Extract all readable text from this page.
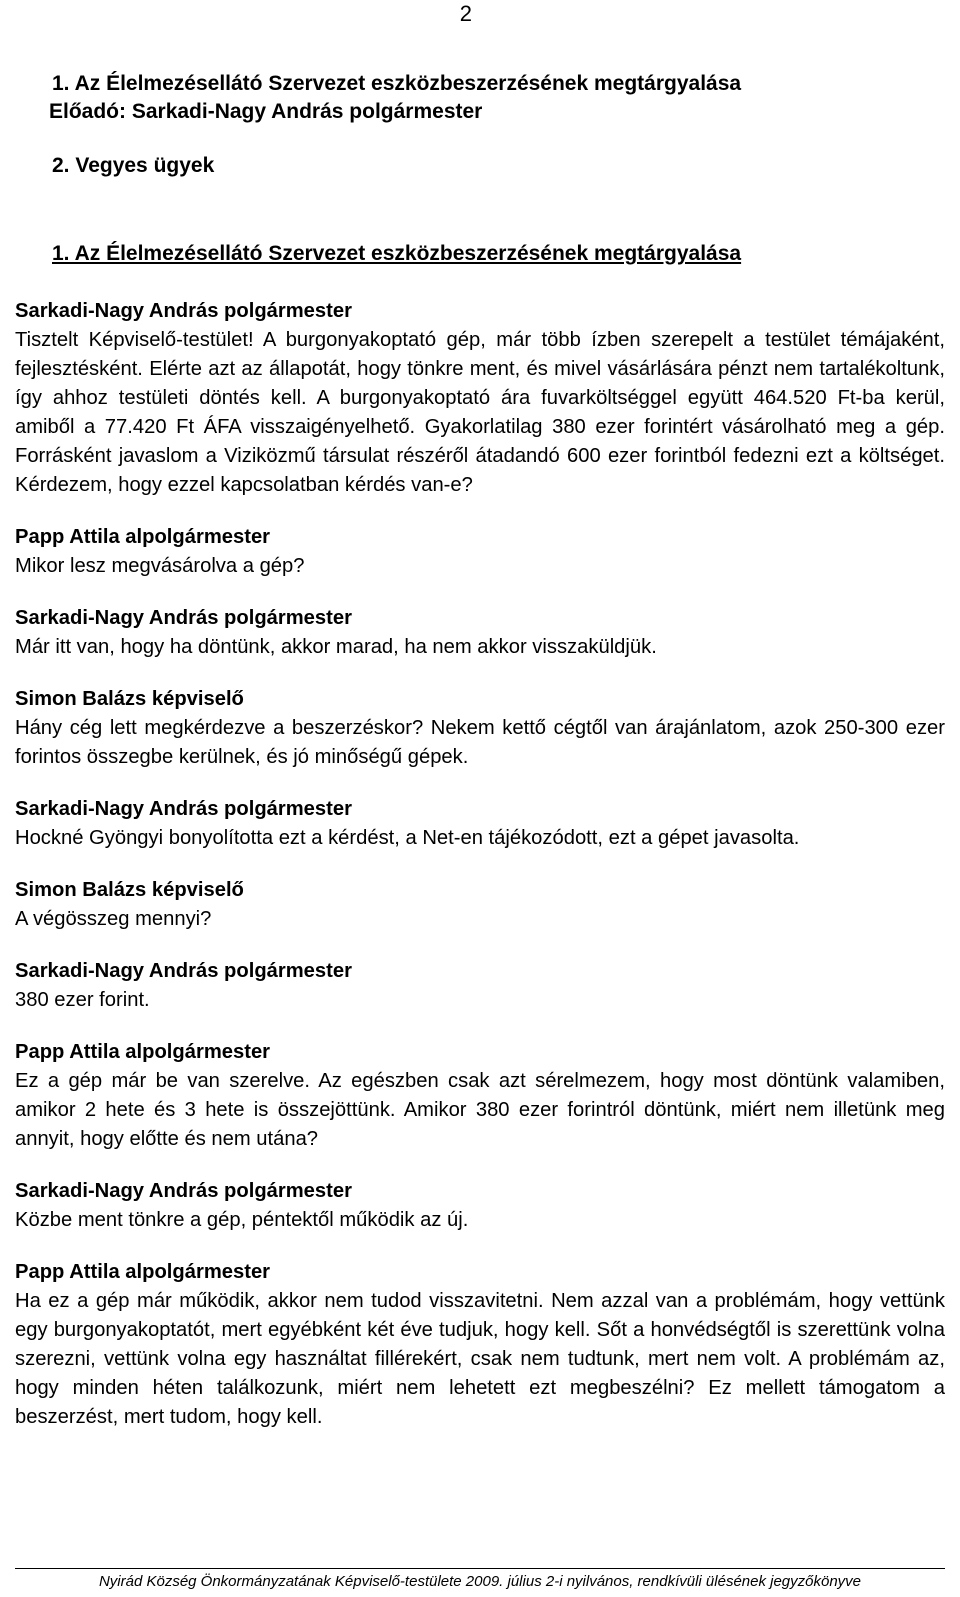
2
1. Az Élelmezésellátó Szervezet eszközbeszerzésének megtárgyalása
Előadó: Sarkadi-Nagy András polgármester
2. Vegyes ügyek
1. Az Élelmezésellátó Szervezet eszközbeszerzésének megtárgyalása
Sarkadi-Nagy András polgármester
Tisztelt Képviselő-testület! A burgonyakoptató gép, már több ízben szerepelt a testület témájaként, fejlesztésként. Elérte azt az állapotát, hogy tönkre ment, és mivel vásárlására pénzt nem tartalékoltunk, így ahhoz testületi döntés kell. A burgonyakoptató ára fuvarköltséggel együtt 464.520 Ft-ba kerül, amiből a 77.420 Ft ÁFA visszaigényelhető. Gyakorlatilag 380 ezer forintért vásárolható meg a gép. Forrásként javaslom a Viziközmű társulat részéről átadandó 600 ezer forintból fedezni ezt a költséget. Kérdezem, hogy ezzel kapcsolatban kérdés van-e?
Papp Attila alpolgármester
Mikor lesz megvásárolva a gép?
Sarkadi-Nagy András polgármester
Már itt van, hogy ha döntünk, akkor marad, ha nem akkor visszaküldjük.
Simon Balázs képviselő
Hány cég lett megkérdezve a beszerzéskor? Nekem kettő cégtől van árajánlatom, azok 250-300 ezer forintos összegbe kerülnek, és jó minőségű gépek.
Sarkadi-Nagy András polgármester
Hockné Gyöngyi bonyolította ezt a kérdést, a Net-en tájékozódott, ezt a gépet javasolta.
Simon Balázs képviselő
A végösszeg mennyi?
Sarkadi-Nagy András polgármester
380 ezer forint.
Papp Attila alpolgármester
Ez a gép már be van szerelve. Az egészben csak azt sérelmezem, hogy most döntünk valamiben, amikor 2 hete és 3 hete is összejöttünk. Amikor 380 ezer forintról döntünk, miért nem illetünk meg annyit, hogy előtte és nem utána?
Sarkadi-Nagy András polgármester
Közbe ment tönkre a gép, péntektől működik az új.
Papp Attila alpolgármester
Ha ez a gép már működik, akkor nem tudod visszavitetni. Nem azzal van a problémám, hogy vettünk egy burgonyakoptatót, mert egyébként két éve tudjuk, hogy kell. Sőt a honvédségtől is szerettünk volna szerezni, vettünk volna egy használtat fillérekért, csak nem tudtunk, mert nem volt. A problémám az, hogy minden héten találkozunk, miért nem lehetett ezt megbeszélni? Ez mellett támogatom a beszerzést, mert tudom, hogy kell.
Nyirád Község Önkormányzatának Képviselő-testülete 2009. július 2-i nyilvános, rendkívüli ülésének jegyzőkönyve
